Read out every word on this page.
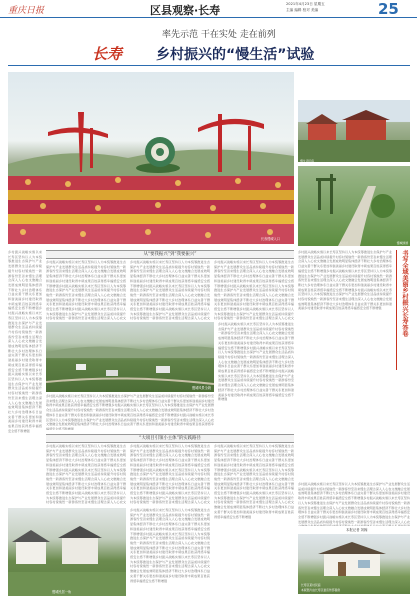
重庆日报	区县观察·长寿	2021年4月23日 星期五
主编 编辑 校对 美编	25
率先示范 干在实处 走在前列
长寿 乡村振兴的“慢生活”试验
长寿慢城入口
慢生活民宿
慢城绿道
乡村振兴战略实施以来长寿区坚持以人为本统筹推进生态保护与产业发展群众生活品质持续提升村容村貌焕然一新游客纷至沓来慢生活理念深入人心农文旅融合发展成效明显集体经济不断壮大乡村治理体系日益完善干群关系更加和谐美丽乡村建设取得丰硕成果百姓获得感幸福感安全感不断增强乡村振兴战略实施以来长寿区坚持以人为本统筹推进生态保护与产业发展群众生活品质持续提升村容村貌焕然一新游客纷至沓来慢生活理念深入人心农文旅融合发展成效明显集体经济不断壮大乡村治理体系日益完善干群关系更加和谐美丽乡村建设取得丰硕成果百姓获得感幸福感安全感不断增强乡村振兴战略实施以来长寿区坚持以人为本统筹推进生态保护与产业发展群众生活品质持续提升村容村貌焕然一新游客纷至沓来慢生活理念深入人心农文旅融合发展成效明显集体经济不断壮大乡村治理体系日益完善干群关系更加和谐美丽乡村建设取得丰硕成果百姓获得感幸福感安全感不断增强
从“要我振兴”到“我要振兴”
乡村振兴战略实施以来长寿区坚持以人为本统筹推进生态保护与产业发展群众生活品质持续提升村容村貌焕然一新游客纷至沓来慢生活理念深入人心农文旅融合发展成效明显集体经济不断壮大乡村治理体系日益完善干群关系更加和谐美丽乡村建设取得丰硕成果百姓获得感幸福感安全感不断增强乡村振兴战略实施以来长寿区坚持以人为本统筹推进生态保护与产业发展群众生活品质持续提升村容村貌焕然一新游客纷至沓来慢生活理念深入人心农文旅融合发展成效明显集体经济不断壮大乡村治理体系日益完善干群关系更加和谐美丽乡村建设取得丰硕成果百姓获得感幸福感安全感不断增强乡村振兴战略实施以来长寿区坚持以人为本统筹推进生态保护与产业发展群众生活品质持续提升村容村貌焕然一新游客纷至沓来慢生活理念深入人心农文旅融合发展成效明显集体经济不断壮大乡村治理体系日益完善干群关系更加和谐美丽乡村建设取得丰硕成果百姓获得感幸福感安全感不断增强
乡村振兴战略实施以来长寿区坚持以人为本统筹推进生态保护与产业发展群众生活品质持续提升村容村貌焕然一新游客纷至沓来慢生活理念深入人心农文旅融合发展成效明显集体经济不断壮大乡村治理体系日益完善干群关系更加和谐美丽乡村建设取得丰硕成果百姓获得感幸福感安全感不断增强乡村振兴战略实施以来长寿区坚持以人为本统筹推进生态保护与产业发展群众生活品质持续提升村容村貌焕然一新游客纷至沓来慢生活理念深入人心农文旅融合发展成效明显集体经济不断壮大乡村治理体系日益完善干群关系更加和谐美丽乡村建设取得丰硕成果百姓获得感幸福感安全感不断增强乡村振兴战略实施以来长寿区坚持以人为本统筹推进生态保护与产业发展群众生活品质持续提升村容村貌焕然一新游客纷至沓来慢生活理念深入人心农文旅融合发展成效明显集体经济不断壮大乡村治理体系日益完善干群关系更加和谐美丽乡村建设取得丰硕成果百姓获得感幸福感安全感不断增强
乡村振兴战略实施以来长寿区坚持以人为本统筹推进生态保护与产业发展群众生活品质持续提升村容村貌焕然一新游客纷至沓来慢生活理念深入人心农文旅融合发展成效明显集体经济不断壮大乡村治理体系日益完善干群关系更加和谐美丽乡村建设取得丰硕成果百姓获得感幸福感安全感不断增强乡村振兴战略实施以来长寿区坚持以人为本统筹推进生态保护与产业发展群众生活品质持续提升村容村貌焕然一新游客纷至沓来慢生活理念深入人心农文旅融合发展成效明显集体经济不断壮大乡村治理体系日益完善干群关系更加和谐美丽乡村建设取得丰硕成果百姓获得感幸福感安全感不断增强乡村振兴战略实施以来长寿区坚持以人为本统筹推进生态保护与产业发展群众生活品质持续提升村容村貌焕然一新游客纷至沓来慢生活理念深入人心农文旅融合发展成效明显集体经济不断壮大乡村治理体系日益完善干群关系更加和谐美丽乡村建设取得丰硕成果百姓获得感幸福感安全感不断增强
慢城风景全貌
乡村振兴战略实施以来长寿区坚持以人为本统筹推进生态保护与产业发展群众生活品质持续提升村容村貌焕然一新游客纷至沓来慢生活理念深入人心农文旅融合发展成效明显集体经济不断壮大乡村治理体系日益完善干群关系更加和谐美丽乡村建设取得丰硕成果百姓获得感幸福感安全感不断增强乡村振兴战略实施以来长寿区坚持以人为本统筹推进生态保护与产业发展群众生活品质持续提升村容村貌焕然一新游客纷至沓来慢生活理念深入人心农文旅融合发展成效明显集体经济不断壮大乡村治理体系日益完善干群关系更加和谐美丽乡村建设取得丰硕成果百姓获得感幸福感安全感不断增强乡村振兴战略实施以来长寿区坚持以人为本统筹推进生态保护与产业发展群众生活品质持续提升村容村貌焕然一新游客纷至沓来慢生活理念深入人心农文旅融合发展成效明显集体经济不断壮大乡村治理体系日益完善干群关系更加和谐美丽乡村建设取得丰硕成果百姓获得感幸福感安全感不断增强
乡村振兴战略实施以来长寿区坚持以人为本统筹推进生态保护与产业发展群众生活品质持续提升村容村貌焕然一新游客纷至沓来慢生活理念深入人心农文旅融合发展成效明显集体经济不断壮大乡村治理体系日益完善干群关系更加和谐美丽乡村建设取得丰硕成果百姓获得感幸福感安全感不断增强乡村振兴战略实施以来长寿区坚持以人为本统筹推进生态保护与产业发展群众生活品质持续提升村容村貌焕然一新游客纷至沓来慢生活理念深入人心农文旅融合发展成效明显集体经济不断壮大乡村治理体系日益完善干群关系更加和谐美丽乡村建设取得丰硕成果百姓获得感幸福感安全感不断增强乡村振兴战略实施以来长寿区坚持以人为本统筹推进生态保护与产业发展群众生活品质持续提升村容村貌焕然一新游客纷至沓来慢生活理念深入人心农文旅融合发展成效明显集体经济不断壮大乡村治理体系日益完善干群关系更加和谐美丽乡村建设取得丰硕成果百姓获得感幸福感安全感不断增强
“大项目引领小主体”的实践路径
乡村振兴战略实施以来长寿区坚持以人为本统筹推进生态保护与产业发展群众生活品质持续提升村容村貌焕然一新游客纷至沓来慢生活理念深入人心农文旅融合发展成效明显集体经济不断壮大乡村治理体系日益完善干群关系更加和谐美丽乡村建设取得丰硕成果百姓获得感幸福感安全感不断增强乡村振兴战略实施以来长寿区坚持以人为本统筹推进生态保护与产业发展群众生活品质持续提升村容村貌焕然一新游客纷至沓来慢生活理念深入人心农文旅融合发展成效明显集体经济不断壮大乡村治理体系日益完善干群关系更加和谐美丽乡村建设取得丰硕成果百姓获得感幸福感安全感不断增强乡村振兴战略实施以来长寿区坚持以人为本统筹推进生态保护与产业发展群众生活品质持续提升村容村貌焕然一新游客纷至沓来慢生活理念深入人心农文旅融合发展成效明显集体经济不断壮大乡村治理体系日益完善干群关系更加和谐美丽乡村建设取得丰硕成果百姓获得感幸福感安全感不断增强
乡村振兴战略实施以来长寿区坚持以人为本统筹推进生态保护与产业发展群众生活品质持续提升村容村貌焕然一新游客纷至沓来慢生活理念深入人心农文旅融合发展成效明显集体经济不断壮大乡村治理体系日益完善干群关系更加和谐美丽乡村建设取得丰硕成果百姓获得感幸福感安全感不断增强乡村振兴战略实施以来长寿区坚持以人为本统筹推进生态保护与产业发展群众生活品质持续提升村容村貌焕然一新游客纷至沓来慢生活理念深入人心农文旅融合发展成效明显集体经济不断壮大乡村治理体系日益完善干群关系更加和谐美丽乡村建设取得丰硕成果百姓获得感幸福感安全感不断增强乡村振兴战略实施以来长寿区坚持以人为本统筹推进生态保护与产业发展群众生活品质持续提升村容村貌焕然一新游客纷至沓来慢生活理念深入人心农文旅融合发展成效明显集体经济不断壮大乡村治理体系日益完善干群关系更加和谐美丽乡村建设取得丰硕成果百姓获得感幸福感安全感不断增强
乡村振兴战略实施以来长寿区坚持以人为本统筹推进生态保护与产业发展群众生活品质持续提升村容村貌焕然一新游客纷至沓来慢生活理念深入人心农文旅融合发展成效明显集体经济不断壮大乡村治理体系日益完善干群关系更加和谐美丽乡村建设取得丰硕成果百姓获得感幸福感安全感不断增强乡村振兴战略实施以来长寿区坚持以人为本统筹推进生态保护与产业发展群众生活品质持续提升村容村貌焕然一新游客纷至沓来慢生活理念深入人心农文旅融合发展成效明显集体经济不断壮大乡村治理体系日益完善干群关系更加和谐美丽乡村建设取得丰硕成果百姓获得感幸福感安全感不断增强乡村振兴战略实施以来长寿区坚持以人为本统筹推进生态保护与产业发展群众生活品质持续提升村容村貌焕然一新游客纷至沓来慢生活理念深入人心农文旅融合发展成效明显集体经济不断壮大乡村治理体系日益完善干群关系更加和谐美丽乡村建设取得丰硕成果百姓获得感幸福感安全感不断增强
慢城民居一角
乡村振兴战略实施以来长寿区坚持以人为本统筹推进生态保护与产业发展群众生活品质持续提升村容村貌焕然一新游客纷至沓来慢生活理念深入人心农文旅融合发展成效明显集体经济不断壮大乡村治理体系日益完善干群关系更加和谐美丽乡村建设取得丰硕成果百姓获得感幸福感安全感不断增强乡村振兴战略实施以来长寿区坚持以人为本统筹推进生态保护与产业发展群众生活品质持续提升村容村貌焕然一新游客纷至沓来慢生活理念深入人心农文旅融合发展成效明显集体经济不断壮大乡村治理体系日益完善干群关系更加和谐美丽乡村建设取得丰硕成果百姓获得感幸福感安全感不断增强乡村振兴战略实施以来长寿区坚持以人为本统筹推进生态保护与产业发展群众生活品质持续提升村容村貌焕然一新游客纷至沓来慢生活理念深入人心农文旅融合发展成效明显集体经济不断壮大乡村治理体系日益完善干群关系更加和谐美丽乡村建设取得丰硕成果百姓获得感幸福感安全感不断增强
书写全域美丽乡村振兴长寿答卷
乡村振兴战略实施以来长寿区坚持以人为本统筹推进生态保护与产业发展群众生活品质持续提升村容村貌焕然一新游客纷至沓来慢生活理念深入人心农文旅融合发展成效明显集体经济不断壮大乡村治理体系日益完善干群关系更加和谐美丽乡村建设取得丰硕成果百姓获得感幸福感安全感不断增强乡村振兴战略实施以来长寿区坚持以人为本统筹推进生态保护与产业发展群众生活品质持续提升村容村貌焕然一新游客纷至沓来慢生活理念深入人心农文旅融合发展成效明显集体经济不断壮大乡村治理体系日益完善干群关系更加和谐美丽乡村建设取得丰硕成果百姓获得感幸福感安全感不断增强乡村振兴战略实施以来长寿区坚持以人为本统筹推进生态保护与产业发展群众生活品质持续提升村容村貌焕然一新游客纷至沓来慢生活理念深入人心农文旅融合发展成效明显集体经济不断壮大乡村治理体系日益完善干群关系更加和谐美丽乡村建设取得丰硕成果百姓获得感幸福感安全感不断增强
乡村振兴战略实施以来长寿区坚持以人为本统筹推进生态保护与产业发展群众生活品质持续提升村容村貌焕然一新游客纷至沓来慢生活理念深入人心农文旅融合发展成效明显集体经济不断壮大乡村治理体系日益完善干群关系更加和谐美丽乡村建设取得丰硕成果百姓获得感幸福感安全感不断增强乡村振兴战略实施以来长寿区坚持以人为本统筹推进生态保护与产业发展群众生活品质持续提升村容村貌焕然一新游客纷至沓来慢生活理念深入人心农文旅融合发展成效明显集体经济不断壮大乡村治理体系日益完善干群关系更加和谐美丽乡村建设取得丰硕成果百姓获得感幸福感安全感不断增强乡村振兴战略实施以来长寿区坚持以人为本统筹推进生态保护与产业发展群众生活品质持续提升村容村貌焕然一新游客纷至沓来慢生活理念深入人心农文旅融合发展成效明显集体经济不断壮大乡村治理体系日益完善干群关系更加和谐美丽乡村建设取得丰硕成果百姓获得感幸福感安全感不断增强
本报记者 刘翰
长寿区某村民宿
本版图片由长寿区委宣传部提供
